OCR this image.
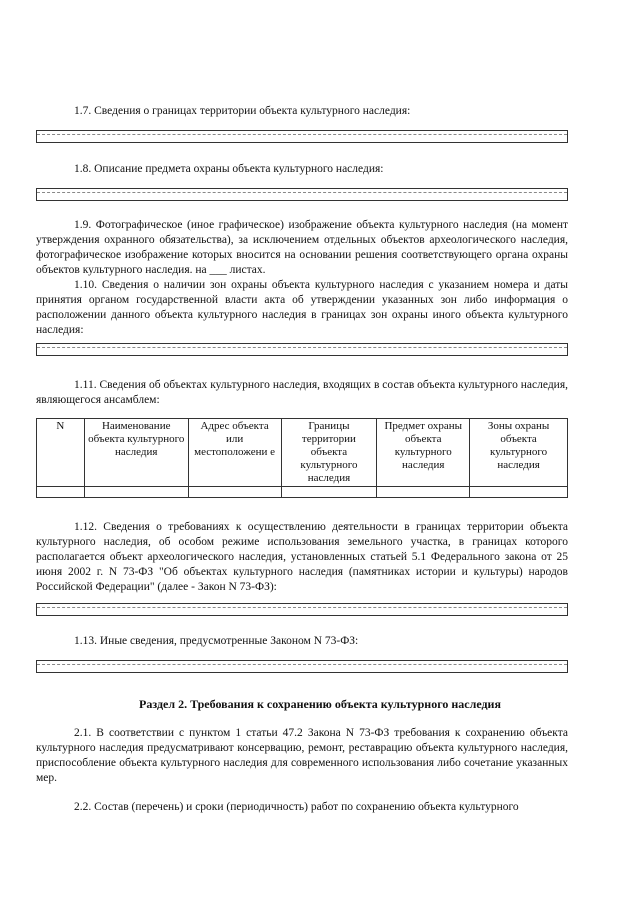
1.7. Сведения о границах территории объекта культурного наследия:
1.8. Описание предмета охраны объекта культурного наследия:
1.9. Фотографическое (иное графическое) изображение объекта культурного наследия (на момент утверждения охранного обязательства), за исключением отдельных объектов археологического наследия, фотографическое изображение которых вносится на основании решения соответствующего органа охраны объектов культурного наследия. на ___ листах.
1.10. Сведения о наличии зон охраны объекта культурного наследия с указанием номера и даты принятия органом государственной власти акта об утверждении указанных зон либо информация о расположении данного объекта культурного наследия в границах зон охраны иного объекта культурного наследия:
1.11. Сведения об объектах культурного наследия, входящих в состав объекта культурного наследия, являющегося ансамблем:
N	Наименование объекта культурного наследия	Адрес объекта или местоположени е	Границы территории объекта культурного наследия	Предмет охраны объекта культурного наследия	Зоны охраны объекта культурного наследия

1.12. Сведения о требованиях к осуществлению деятельности в границах территории объекта культурного наследия, об особом режиме использования земельного участка, в границах которого располагается объект археологического наследия, установленных статьей 5.1 Федерального закона от 25 июня 2002 г. N 73-ФЗ "Об объектах культурного наследия (памятниках истории и культуры) народов Российской Федерации" (далее - Закон N 73-ФЗ):
1.13. Иные сведения, предусмотренные Законом N 73-ФЗ:
Раздел 2. Требования к сохранению объекта культурного наследия
2.1. В соответствии с пунктом 1 статьи 47.2 Закона N 73-ФЗ требования к сохранению объекта культурного наследия предусматривают консервацию, ремонт, реставрацию объекта культурного наследия, приспособление объекта культурного наследия для современного использования либо сочетание указанных мер.
2.2. Состав (перечень) и сроки (периодичность) работ по сохранению объекта культурного
